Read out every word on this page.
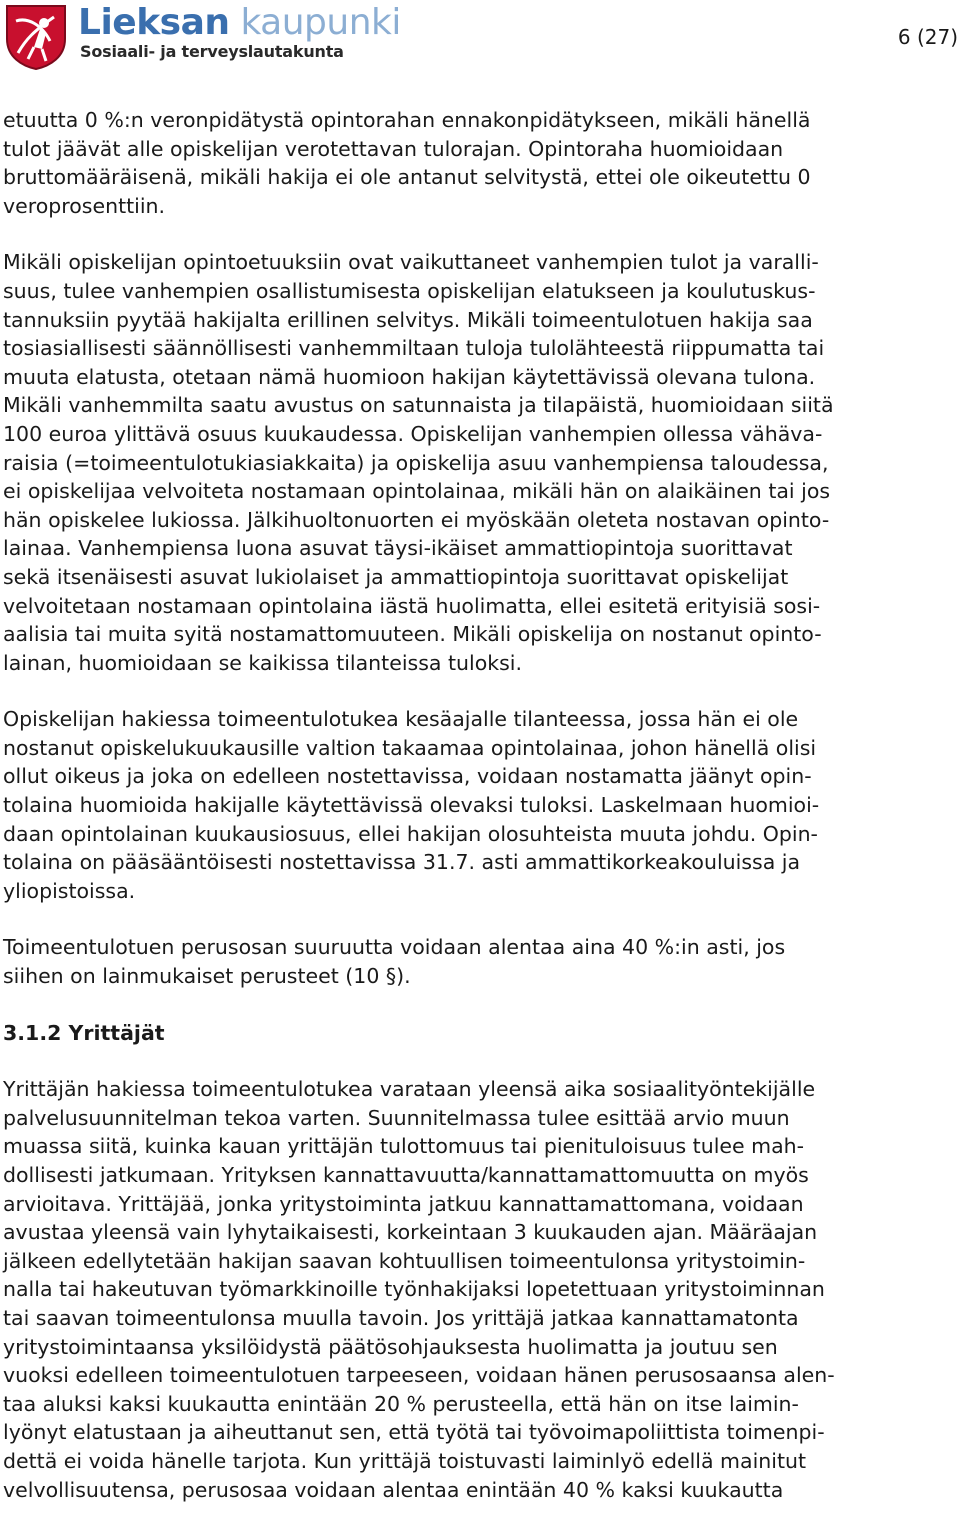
Lieksan kaupunki
Sosiaali- ja terveyslautakunta
6 (27)

etuutta 0 %:n veronpidätystä opintorahan ennakonpidätykseen, mikäli hänellä
tulot jäävät alle opiskelijan verotettavan tulorajan. Opintoraha huomioidaan
bruttomääräisenä, mikäli hakija ei ole antanut selvitystä, ettei ole oikeutettu 0
veroprosenttiin.

Mikäli opiskelijan opintoetuuksiin ovat vaikuttaneet vanhempien tulot ja varalli-
suus, tulee vanhempien osallistumisesta opiskelijan elatukseen ja koulutuskus-
tannuksiin pyytää hakijalta erillinen selvitys. Mikäli toimeentulotuen hakija saa
tosiasiallisesti säännöllisesti vanhemmiltaan tuloja tulolähteestä riippumatta tai
muuta elatusta, otetaan nämä huomioon hakijan käytettävissä olevana tulona.
Mikäli vanhemmilta saatu avustus on satunnaista ja tilapäistä, huomioidaan siitä
100 euroa ylittävä osuus kuukaudessa. Opiskelijan vanhempien ollessa vähäva-
raisia (=toimeentulotukiasiakkaita) ja opiskelija asuu vanhempiensa taloudessa,
ei opiskelijaa velvoiteta nostamaan opintolainaa, mikäli hän on alaikäinen tai jos
hän opiskelee lukiossa. Jälkihuoltonuorten ei myöskään oleteta nostavan opinto-
lainaa. Vanhempiensa luona asuvat täysi-ikäiset ammattiopintoja suorittavat
sekä itsenäisesti asuvat lukiolaiset ja ammattiopintoja suorittavat opiskelijat
velvoitetaan nostamaan opintolaina iästä huolimatta, ellei esitetä erityisiä sosi-
aalisia tai muita syitä nostamattomuuteen. Mikäli opiskelija on nostanut opinto-
lainan, huomioidaan se kaikissa tilanteissa tuloksi.

Opiskelijan hakiessa toimeentulotukea kesäajalle tilanteessa, jossa hän ei ole
nostanut opiskelukuukausille valtion takaamaa opintolainaa, johon hänellä olisi
ollut oikeus ja joka on edelleen nostettavissa, voidaan nostamatta jäänyt opin-
tolaina huomioida hakijalle käytettävissä olevaksi tuloksi. Laskelmaan huomioi-
daan opintolainan kuukausiosuus, ellei hakijan olosuhteista muuta johdu. Opin-
tolaina on pääsääntöisesti nostettavissa 31.7. asti ammattikorkeakouluissa ja
yliopistoissa.

Toimeentulotuen perusosan suuruutta voidaan alentaa aina 40 %:in asti, jos
siihen on lainmukaiset perusteet (10 §).

3.1.2 Yrittäjät

Yrittäjän hakiessa toimeentulotukea varataan yleensä aika sosiaalityöntekijälle
palvelusuunnitelman tekoa varten. Suunnitelmassa tulee esittää arvio muun
muassa siitä, kuinka kauan yrittäjän tulottomuus tai pienituloisuus tulee mah-
dollisesti jatkumaan. Yrityksen kannattavuutta/kannattamattomuutta on myös
arvioitava. Yrittäjää, jonka yritystoiminta jatkuu kannattamattomana, voidaan
avustaa yleensä vain lyhytaikaisesti, korkeintaan 3 kuukauden ajan. Määräajan
jälkeen edellytetään hakijan saavan kohtuullisen toimeentulonsa yritystoimin-
nalla tai hakeutuvan työmarkkinoille työnhakijaksi lopetettuaan yritystoiminnan
tai saavan toimeentulonsa muulla tavoin. Jos yrittäjä jatkaa kannattamatonta
yritystoimintaansa yksilöidystä päätösohjauksesta huolimatta ja joutuu sen
vuoksi edelleen toimeentulotuen tarpeeseen, voidaan hänen perusosaansa alen-
taa aluksi kaksi kuukautta enintään 20 % perusteella, että hän on itse laimin-
lyönyt elatustaan ja aiheuttanut sen, että työtä tai työvoimapoliittista toimenpi-
dettä ei voida hänelle tarjota. Kun yrittäjä toistuvasti laiminlyö edellä mainitut
velvollisuutensa, perusosaa voidaan alentaa enintään 40 % kaksi kuukautta
